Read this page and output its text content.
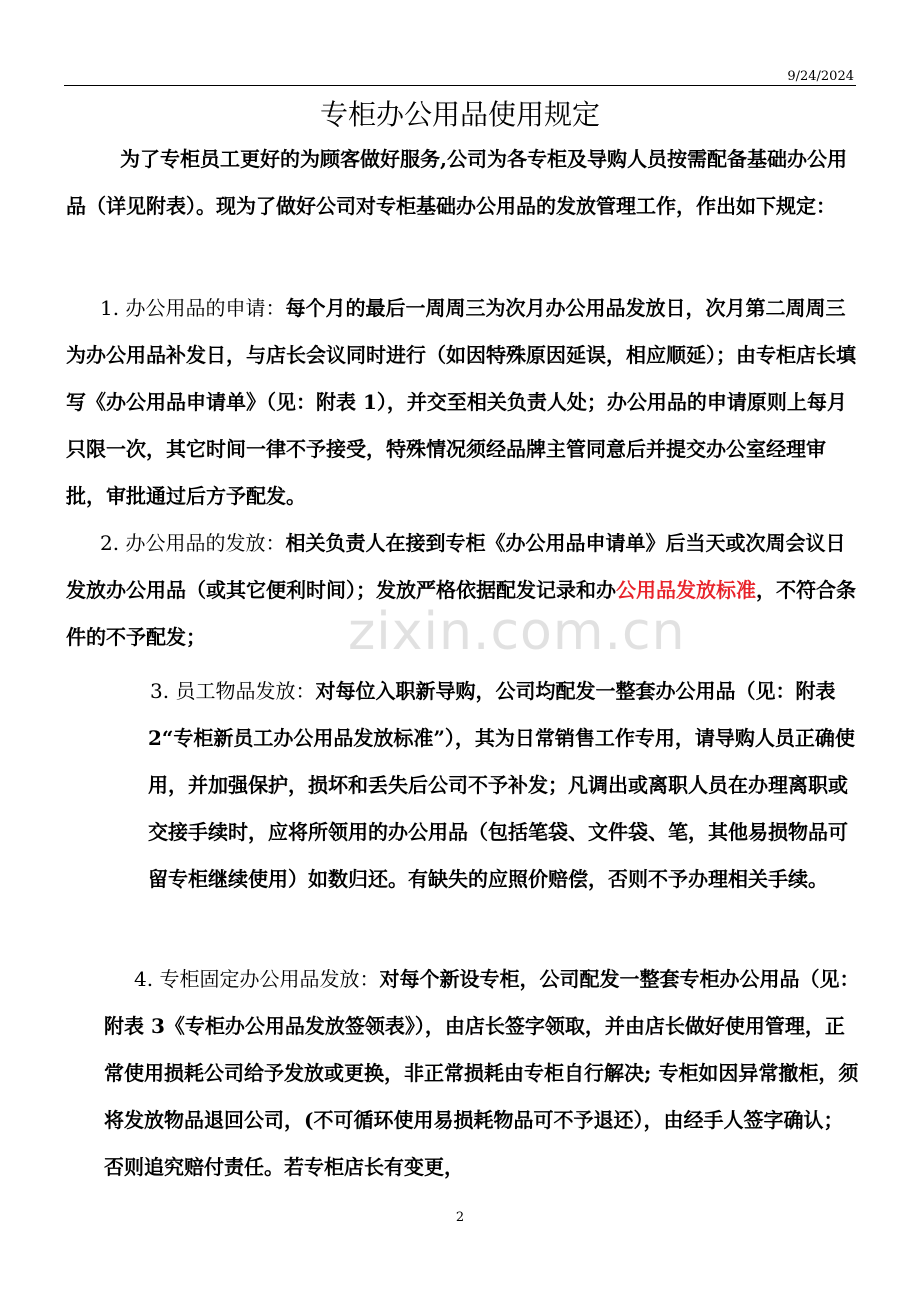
9/24/2024
专柜办公用品使用规定
为了专柜员工更好的为顾客做好服务,公司为各专柜及导购人员按需配备基础办公用品（详见附表）。现为了做好公司对专柜基础办公用品的发放管理工作，作出如下规定：
1. 办公用品的申请：每个月的最后一周周三为次月办公用品发放日，次月第二周周三为办公用品补发日，与店长会议同时进行（如因特殊原因延误，相应顺延）；由专柜店长填写《办公用品申请单》（见：附表 1），并交至相关负责人处；办公用品的申请原则上每月只限一次，其它时间一律不予接受，特殊情况须经品牌主管同意后并提交办公室经理审批，审批通过后方予配发。
2. 办公用品的发放：相关负责人在接到专柜《办公用品申请单》后当天或次周会议日发放办公用品（或其它便利时间）；发放严格依据配发记录和办公用品发放标准，不符合条件的不予配发；	zixin.com.cn
3. 员工物品发放：对每位入职新导购，公司均配发一整套办公用品（见：附表 2“专柜新员工办公用品发放标准”），其为日常销售工作专用，请导购人员正确使用，并加强保护，损坏和丢失后公司不予补发；凡调出或离职人员在办理离职或交接手续时，应将所领用的办公用品（包括笔袋、文件袋、笔，其他易损物品可留专柜继续使用）如数归还。有缺失的应照价赔偿，否则不予办理相关手续。
4. 专柜固定办公用品发放：对每个新设专柜，公司配发一整套专柜办公用品（见：附表 3《专柜办公用品发放签领表》），由店长签字领取，并由店长做好使用管理，正常使用损耗公司给予发放或更换，非正常损耗由专柜自行解决; 专柜如因异常撤柜，须将发放物品退回公司，(不可循环使用易损耗物品可不予退还），由经手人签字确认；否则追究赔付责任。若专柜店长有变更，
2
